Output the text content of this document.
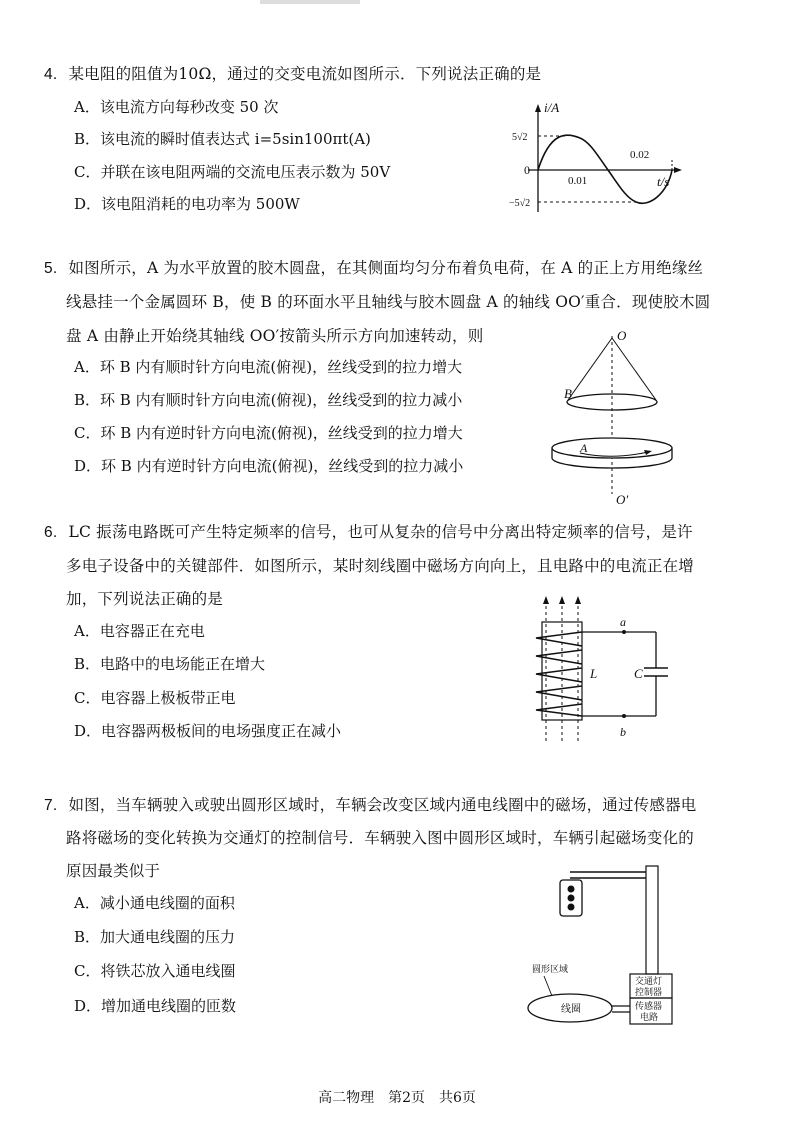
4. 某电阻的阻值为10Ω，通过的交变电流如图所示．下列说法正确的是
A．该电流方向每秒改变 50 次
B．该电流的瞬时值表达式 i=5sin100πt(A)
C．并联在该电阻两端的交流电压表示数为 50V
D．该电阻消耗的电功率为 500W
i/A
t/s
5√2
−5√2
0
0.01
0.02
5. 如图所示，A 为水平放置的胶木圆盘，在其侧面均匀分布着负电荷，在 A 的正上方用绝缘丝
线悬挂一个金属圆环 B，使 B 的环面水平且轴线与胶木圆盘 A 的轴线 OO′重合．现使胶木圆
盘 A 由静止开始绕其轴线 OO′按箭头所示方向加速转动，则
A．环 B 内有顺时针方向电流(俯视)，丝线受到的拉力增大
B．环 B 内有顺时针方向电流(俯视)，丝线受到的拉力减小
C．环 B 内有逆时针方向电流(俯视)，丝线受到的拉力增大
D．环 B 内有逆时针方向电流(俯视)，丝线受到的拉力减小
O
O′
B
A
6. LC 振荡电路既可产生特定频率的信号，也可从复杂的信号中分离出特定频率的信号，是许
多电子设备中的关键部件．如图所示，某时刻线圈中磁场方向向上，且电路中的电流正在增
加，下列说法正确的是
A．电容器正在充电
B．电路中的电场能正在增大
C．电容器上极板带正电
D．电容器两极板间的电场强度正在减小
a
b
L	C
7. 如图，当车辆驶入或驶出圆形区域时，车辆会改变区域内通电线圈中的磁场，通过传感器电
路将磁场的变化转换为交通灯的控制信号．车辆驶入图中圆形区域时，车辆引起磁场变化的
原因最类似于
A．减小通电线圈的面积
B．加大通电线圈的压力
C．将铁芯放入通电线圈
D．增加通电线圈的匝数
圆形区域
线圈
交通灯
控制器
传感器
电路
高二物理　第2页　共6页
